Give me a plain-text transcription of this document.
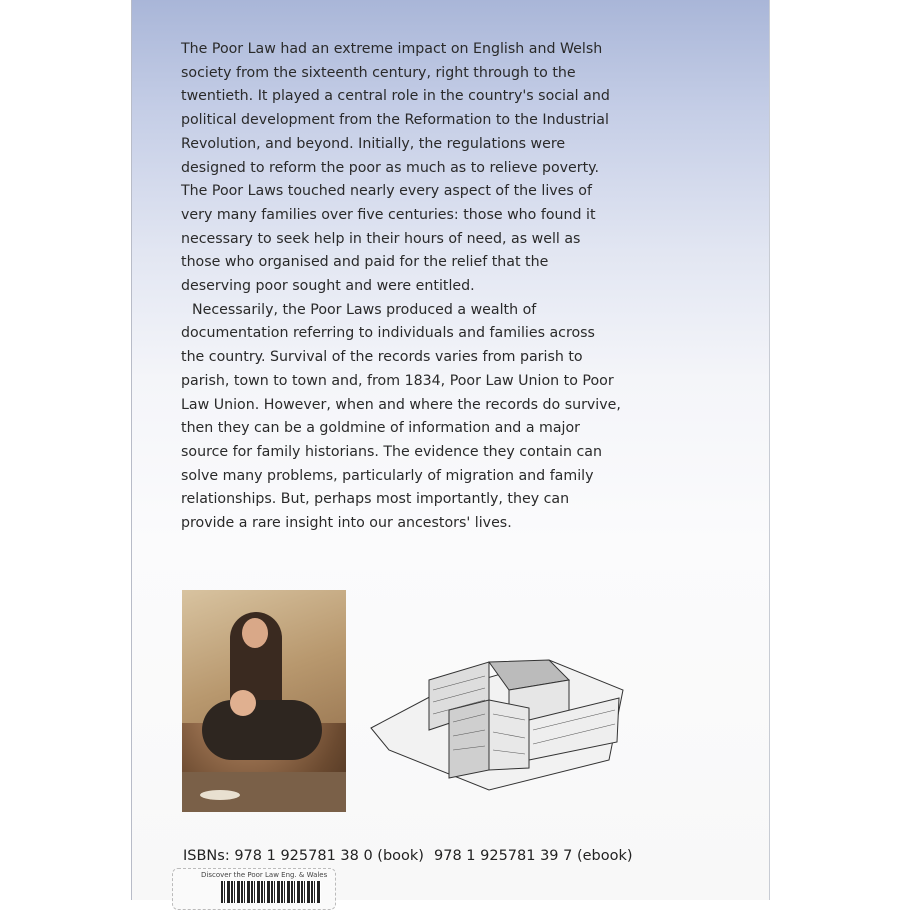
The Poor Law had an extreme impact on English and Welsh society from the sixteenth century, right through to the twentieth. It played a central role in the country's social and political development from the Reformation to the Industrial Revolution, and beyond. Initially, the regulations were designed to reform the poor as much as to relieve poverty. The Poor Laws touched nearly every aspect of the lives of very many families over five centuries: those who found it necessary to seek help in their hours of need, as well as those who organised and paid for the relief that the deserving poor sought and were entitled.

Necessarily, the Poor Laws produced a wealth of documentation referring to individuals and families across the country. Survival of the records varies from parish to parish, town to town and, from 1834, Poor Law Union to Poor Law Union. However, when and where the records do survive, then they can be a goldmine of information and a major source for family historians. The evidence they contain can solve many problems, particularly of migration and family relationships. But, perhaps most importantly, they can provide a rare insight into our ancestors' lives.

ISBNs: 978 1 925781 38 0 (book) 978 1 925781 39 7 (ebook)
Discover the Poor Law Eng. & Wales
